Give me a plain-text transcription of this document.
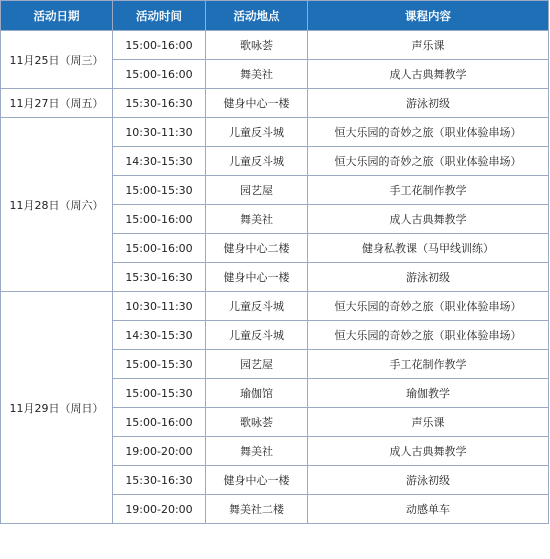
活动日期	活动时间	活动地点	课程内容
11月25日（周三）	15:00-16:00	歌咏荟	声乐课
	15:00-16:00	舞美社	成人古典舞教学
11月27日（周五）	15:30-16:30	健身中心一楼	游泳初级
11月28日（周六）	10:30-11:30	儿童反斗城	恒大乐园的奇妙之旅（职业体验串场）
	14:30-15:30	儿童反斗城	恒大乐园的奇妙之旅（职业体验串场）
	15:00-15:30	园艺屋	手工花制作教学
	15:00-16:00	舞美社	成人古典舞教学
	15:00-16:00	健身中心二楼	健身私教课（马甲线训练）
	15:30-16:30	健身中心一楼	游泳初级
11月29日（周日）	10:30-11:30	儿童反斗城	恒大乐园的奇妙之旅（职业体验串场）
	14:30-15:30	儿童反斗城	恒大乐园的奇妙之旅（职业体验串场）
	15:00-15:30	园艺屋	手工花制作教学
	15:00-15:30	瑜伽馆	瑜伽教学
	15:00-16:00	歌咏荟	声乐课
	19:00-20:00	舞美社	成人古典舞教学
	15:30-16:30	健身中心一楼	游泳初级
	19:00-20:00	舞美社二楼	动感单车
